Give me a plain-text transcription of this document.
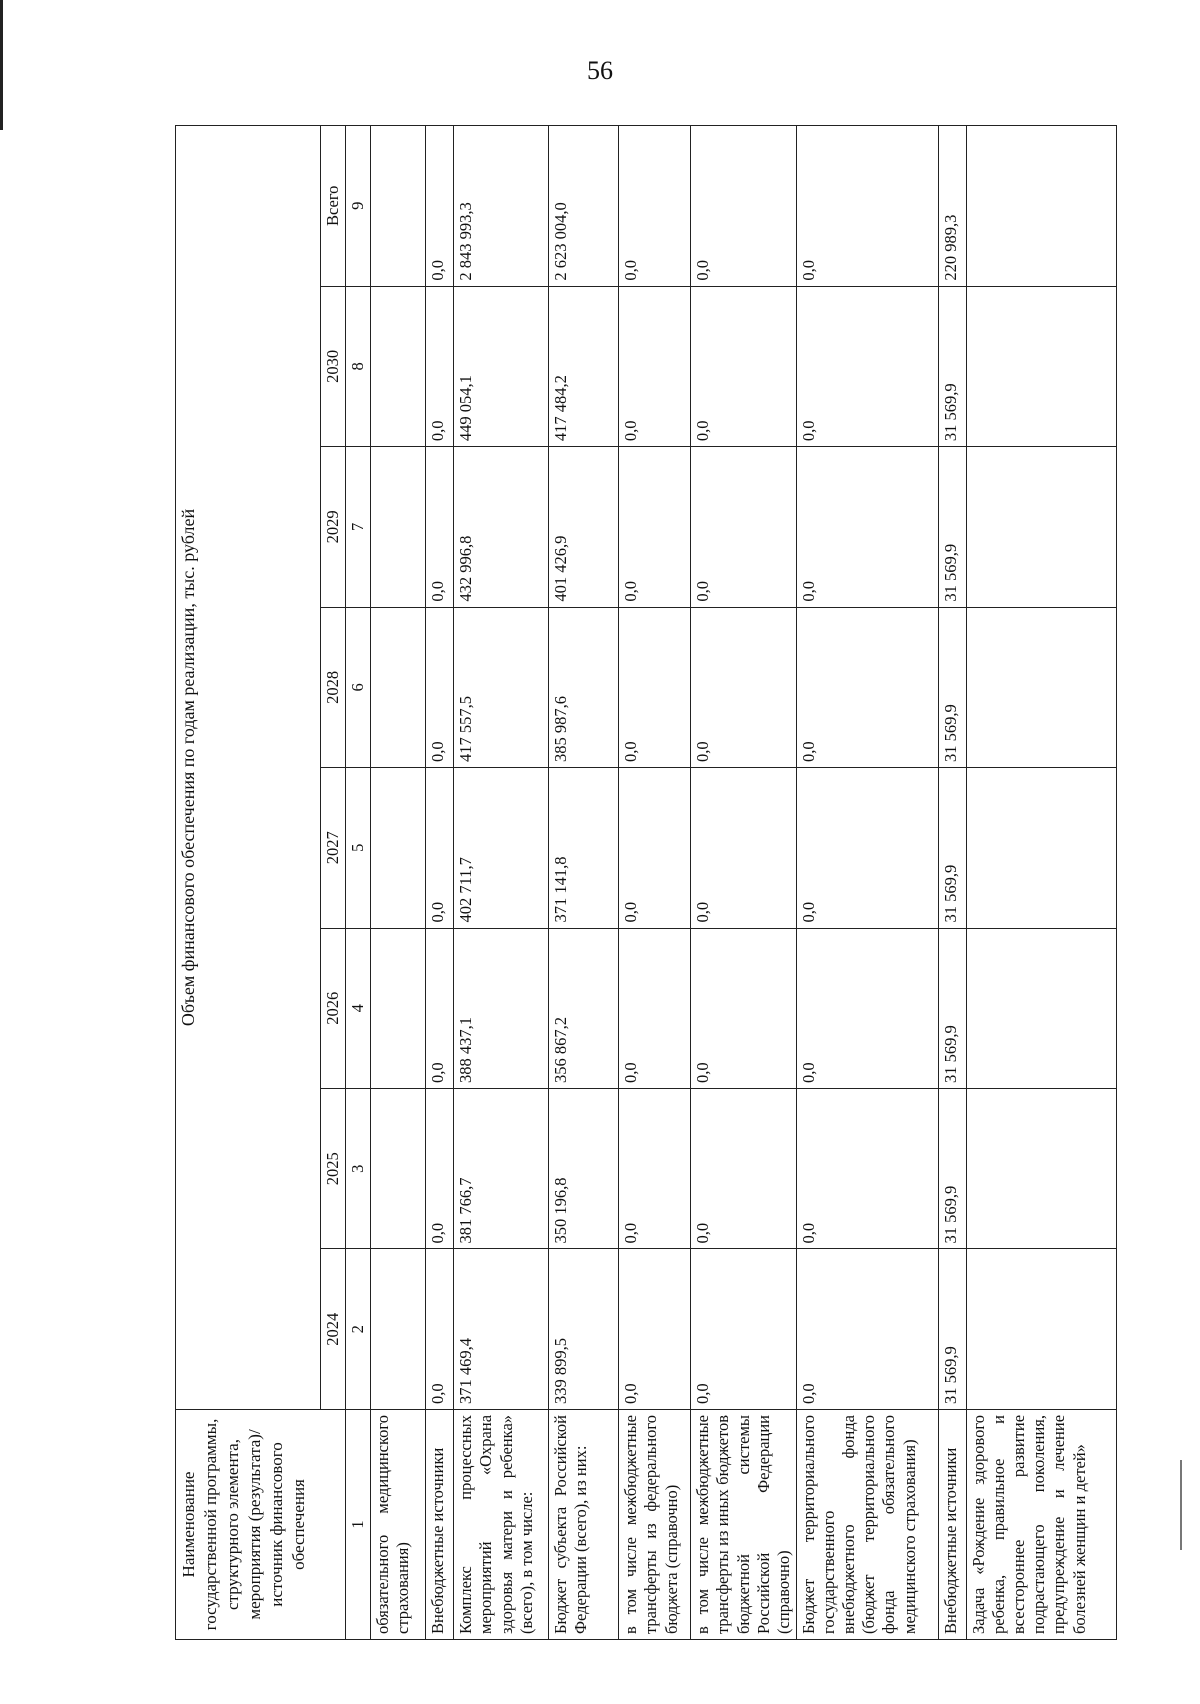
56
Наименование государственной программы, структурного элемента, мероприятия (результата)/источник финансового обеспечения	Объем финансового обеспечения по годам реализации, тыс. рублей							
	2024	2025	2026	2027	2028	2029	2030	Всего
1	2	3	4	5	6	7	8	9
обязательного медицинского страхования)								
Внебюджетные источники	0,0	0,0	0,0	0,0	0,0	0,0	0,0	0,0
Комплекс процессных мероприятий «Охрана здоровья матери и ребенка» (всего), в том числе:	371 469,4	381 766,7	388 437,1	402 711,7	417 557,5	432 996,8	449 054,1	2 843 993,3
Бюджет субъекта Российской Федерации (всего), из них:	339 899,5	350 196,8	356 867,2	371 141,8	385 987,6	401 426,9	417 484,2	2 623 004,0
в том числе межбюджетные трансферты из федерального бюджета (справочно)	0,0	0,0	0,0	0,0	0,0	0,0	0,0	0,0
в том числе межбюджетные трансферты из иных бюджетов бюджетной системы Российской Федерации (справочно)	0,0	0,0	0,0	0,0	0,0	0,0	0,0	0,0
Бюджет территориального государственного внебюджетного фонда (бюджет территориального фонда обязательного медицинского страхования)	0,0	0,0	0,0	0,0	0,0	0,0	0,0	0,0
Внебюджетные источники	31 569,9	31 569,9	31 569,9	31 569,9	31 569,9	31 569,9	31 569,9	220 989,3
Задача «Рождение здорового ребенка, правильное и всестороннее развитие подрастающего поколения, предупреждение и лечение болезней женщин и детей»								
